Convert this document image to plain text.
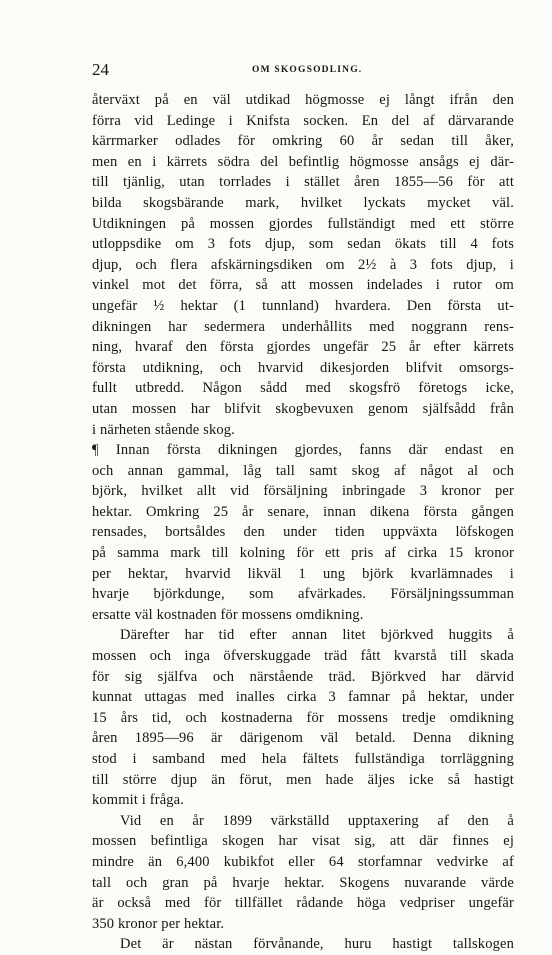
24	OM SKOGSODLING.
återväxt på en väl utdikad högmosse ej långt ifrån den
förra vid Ledinge i Knifsta socken. En del af därvarande
kärrmarker odlades för omkring 60 år sedan till åker,
men en i kärrets södra del befintlig högmosse ansågs ej där-
till tjänlig, utan torrlades i stället åren 1855—56 för att
bilda skogsbärande mark, hvilket lyckats mycket väl.
Utdikningen på mossen gjordes fullständigt med ett större
utloppsdike om 3 fots djup, som sedan ökats till 4 fots
djup, och flera afskärningsdiken om 2½ à 3 fots djup, i
vinkel mot det förra, så att mossen indelades i rutor om
ungefär ½ hektar (1 tunnland) hvardera. Den första ut-
dikningen har sedermera underhållits med noggrann rens-
ning, hvaraf den första gjordes ungefär 25 år efter kärrets
första utdikning, och hvarvid dikesjorden blifvit omsorgs-
fullt utbredd. Någon sådd med skogsfrö företogs icke,
utan mossen har blifvit skogbevuxen genom själfsådd från
i närheten stående skog.
¶ Innan första dikningen gjordes, fanns där endast en
och annan gammal, låg tall samt skog af något al och
björk, hvilket allt vid försäljning inbringade 3 kronor per
hektar. Omkring 25 år senare, innan dikena första gången
rensades, bortsåldes den under tiden uppväxta löfskogen
på samma mark till kolning för ett pris af cirka 15 kronor
per hektar, hvarvid likväl 1 ung björk kvarlämnades i
hvarje björkdunge, som afvärkades. Försäljningssumman
ersatte väl kostnaden för mossens omdikning.
Därefter har tid efter annan litet björkved huggits å
mossen och inga öfverskuggade träd fått kvarstå till skada
för sig själfva och närstående träd. Björkved har därvid
kunnat uttagas med inalles cirka 3 famnar på hektar, under
15 års tid, och kostnaderna för mossens tredje omdikning
åren 1895—96 är därigenom väl betald. Denna dikning
stod i samband med hela fältets fullständiga torrläggning
till större djup än förut, men hade äljes icke så hastigt
kommit i fråga.
Vid en år 1899 värkställd upptaxering af den å
mossen befintliga skogen har visat sig, att där finnes ej
mindre än 6,400 kubikfot eller 64 storfamnar vedvirke af
tall och gran på hvarje hektar. Skogens nuvarande värde
är också med för tillfället rådande höga vedpriser ungefär
350 kronor per hektar.
Det är nästan förvånande, huru hastigt tallskogen
